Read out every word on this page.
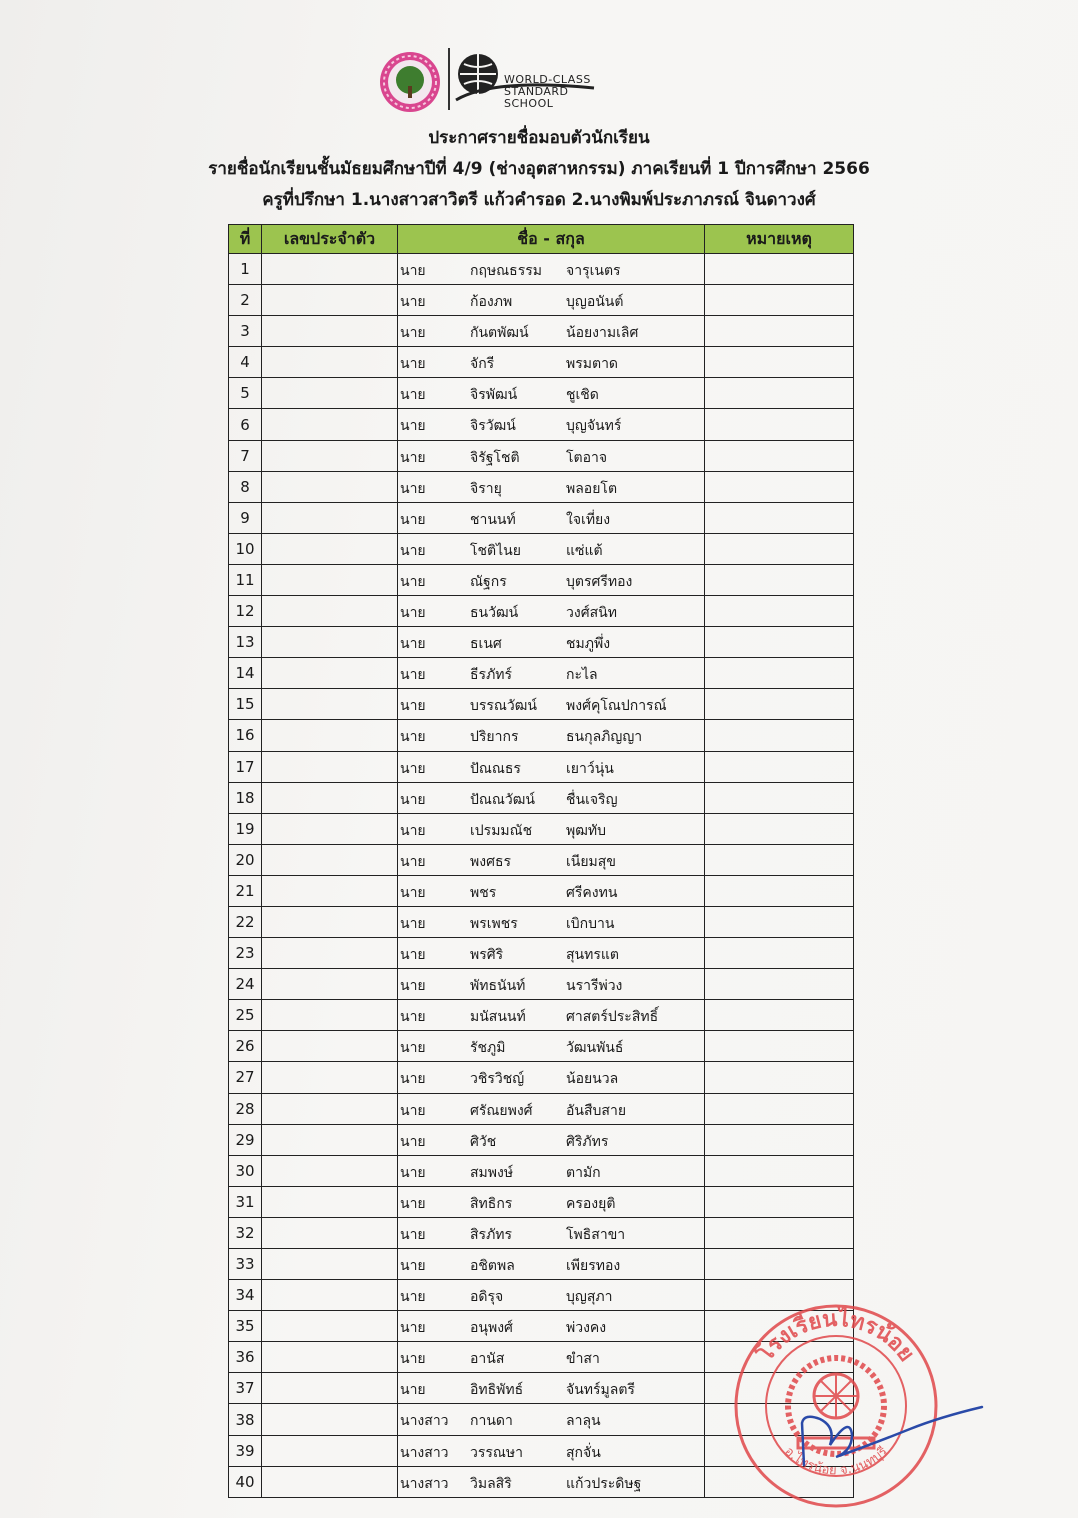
WORLD-CLASS STANDARD SCHOOL
ประกาศรายชื่อมอบตัวนักเรียน
รายชื่อนักเรียนชั้นมัธยมศึกษาปีที่ 4/9 (ช่างอุตสาหกรรม) ภาคเรียนที่ 1 ปีการศึกษา 2566
ครูที่ปรึกษา 1.นางสาวสาวิตรี แก้วคำรอด 2.นางพิมพ์ประภาภรณ์ จินดาวงศ์
ที่	เลขประจำตัว	ชื่อ - สกุล	หมายเหตุ
1		นาย กฤษณธรรม จารุเนตร	

2		นาย ก้องภพ บุญอนันต์	

3		นาย กันตพัฒน์ น้อยงามเลิศ	

4		นาย จักรี พรมตาด	

5		นาย จิรพัฒน์ ชูเชิด	

6		นาย จิรวัฒน์ บุญจันทร์	

7		นาย จิรัฐโชติ โตอาจ	

8		นาย จิรายุ พลอยโต	

9		นาย ชานนท์ ใจเที่ยง	

10		นาย โชติไนย แซ่แต้	

11		นาย ณัฐกร บุตรศรีทอง	

12		นาย ธนวัฒน์ วงศ์สนิท	

13		นาย ธเนศ ชมภูพึ่ง	

14		นาย ธีรภัทร์ กะไล	

15		นาย บรรณวัฒน์ พงศ์คุโณปการณ์	

16		นาย ปริยากร ธนกุลภิญญา	

17		นาย ปัณณธร เยาว์นุ่น	

18		นาย ปัณณวัฒน์ ชื่นเจริญ	

19		นาย เปรมมณัช พุฒทับ	

20		นาย พงศธร เนียมสุข	

21		นาย พชร ศรีคงทน	

22		นาย พรเพชร เบิกบาน	

23		นาย พรศิริ สุนทรแต	

24		นาย พัทธนันท์ นรารีพ่วง	

25		นาย มนัสนนท์ ศาสตร์ประสิทธิ์	

26		นาย รัชภูมิ วัฒนพันธ์	

27		นาย วชิรวิชญ์ น้อยนวล	

28		นาย ศรัณยพงศ์ อันสืบสาย	

29		นาย ศิวัช ศิริภัทร	

30		นาย สมพงษ์ ตามัก	

31		นาย สิทธิกร ครองยุติ	

32		นาย สิรภัทร โพธิสาขา	

33		นาย อชิตพล เพียรทอง	

34		นาย อดิรุจ บุญสุภา	

35		นาย อนุพงศ์ พ่วงคง	

36		นาย อานัส ขำสา	

37		นาย อิทธิพัทธ์ จันทร์มูลตรี	

38		นางสาว กานดา ลาลุน	

39		นางสาว วรรณษา สุกจั่น	

40		นางสาว วิมลสิริ แก้วประดิษฐ	

โรงเรียนไทรน้อย
อ.ไทรน้อย จ.นนทบุรี
